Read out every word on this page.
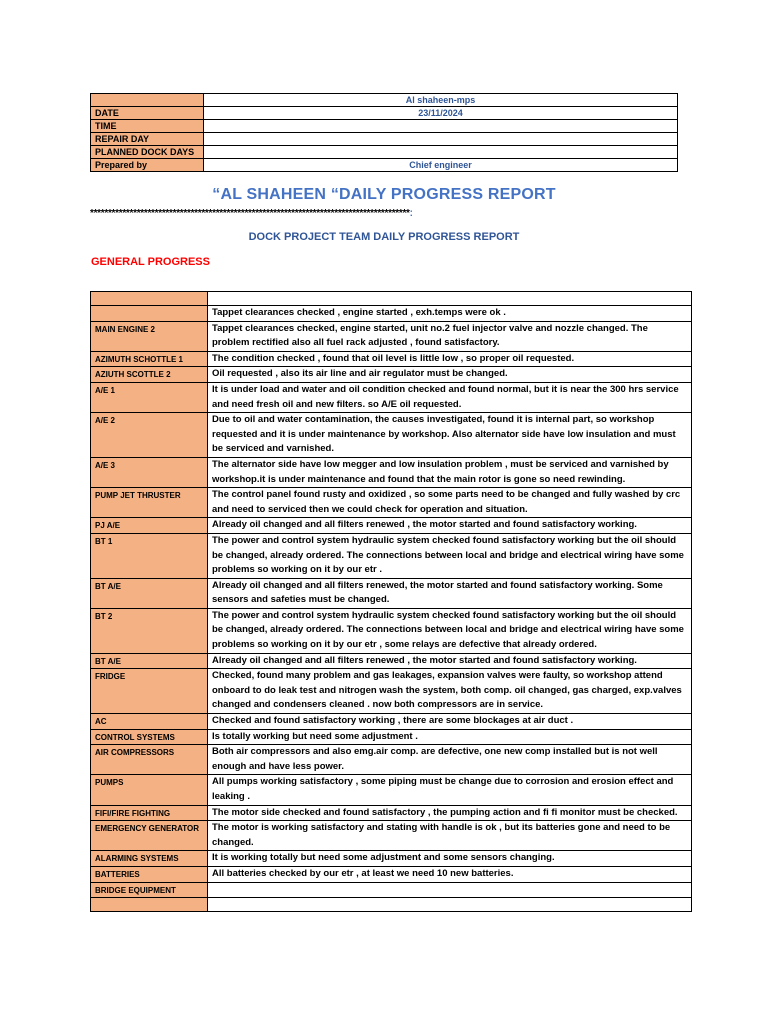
	Al shaheen-mps
DATE	23/11/2024
TIME	
REPAIR DAY	
PLANNED DOCK DAYS	
Prepared by	Chief engineer
“AL SHAHEEN “DAILY PROGRESS REPORT
*****************************************************************************************:
DOCK PROJECT TEAM DAILY PROGRESS REPORT
GENERAL PROGRESS

	Tappet clearances checked , engine started , exh.temps were ok .
MAIN ENGINE 2	Tappet clearances checked, engine started, unit no.2 fuel injector valve and nozzle changed. The problem rectified also all fuel rack adjusted , found satisfactory.
AZIMUTH SCHOTTLE 1	The condition checked , found that oil level is little low , so proper oil requested.
AZIUTH SCOTTLE 2	Oil requested , also its air line and air regulator must be changed.
A/E 1	It is under load and water and oil condition checked and found normal, but it is near the 300 hrs service and need fresh oil and new filters. so A/E oil requested.
A/E 2	Due to oil and water contamination, the causes investigated, found it is internal part, so workshop requested and it is under maintenance by workshop. Also alternator side have low insulation and must be serviced and varnished.
A/E 3	The alternator side have low megger and low insulation problem , must be serviced and varnished by workshop.it is under maintenance and found that the main rotor is gone so need rewinding.
PUMP JET THRUSTER	The control panel found rusty and oxidized , so some parts need to be changed and fully washed by crc and need to serviced then we could check for operation and situation.
PJ A/E	Already oil changed and all filters renewed , the motor started and found satisfactory working.
BT 1	The power and control system hydraulic system checked found satisfactory working but the oil should be changed, already ordered. The connections between local and bridge and electrical wiring have some problems so working on it by our etr .
BT A/E	Already oil changed and all filters renewed, the motor started and found satisfactory working. Some sensors and safeties must be changed.
BT 2	The power and control system hydraulic system checked found satisfactory working but the oil should be changed, already ordered. The connections between local and bridge and electrical wiring have some problems so working on it by our etr , some relays are defective that already ordered.
BT A/E	Already oil changed and all filters renewed , the motor started and found satisfactory working.
FRIDGE	Checked, found many problem and gas leakages, expansion valves were faulty, so workshop attend onboard to do leak test and nitrogen wash the system, both comp. oil changed, gas charged, exp.valves changed and condensers cleaned . now both compressors are in service.
AC	Checked and found satisfactory working , there are some blockages at air duct .
CONTROL SYSTEMS	Is totally working but need some adjustment .
AIR COMPRESSORS	Both air compressors and also emg.air comp. are defective, one new comp installed but is not well enough and have less power.
PUMPS	All pumps working satisfactory , some piping must be change due to corrosion and erosion effect and leaking .
FIFI/FIRE FIGHTING	The motor side checked and found satisfactory , the pumping action and fi fi monitor must be checked.
EMERGENCY GENERATOR	The motor is working satisfactory and stating with handle is ok , but its batteries gone and need to be changed.
ALARMING SYSTEMS	It is working totally but need some adjustment and some sensors changing.
BATTERIES	All batteries checked by our etr , at least we need 10 new batteries.
BRIDGE EQUIPMENT	
